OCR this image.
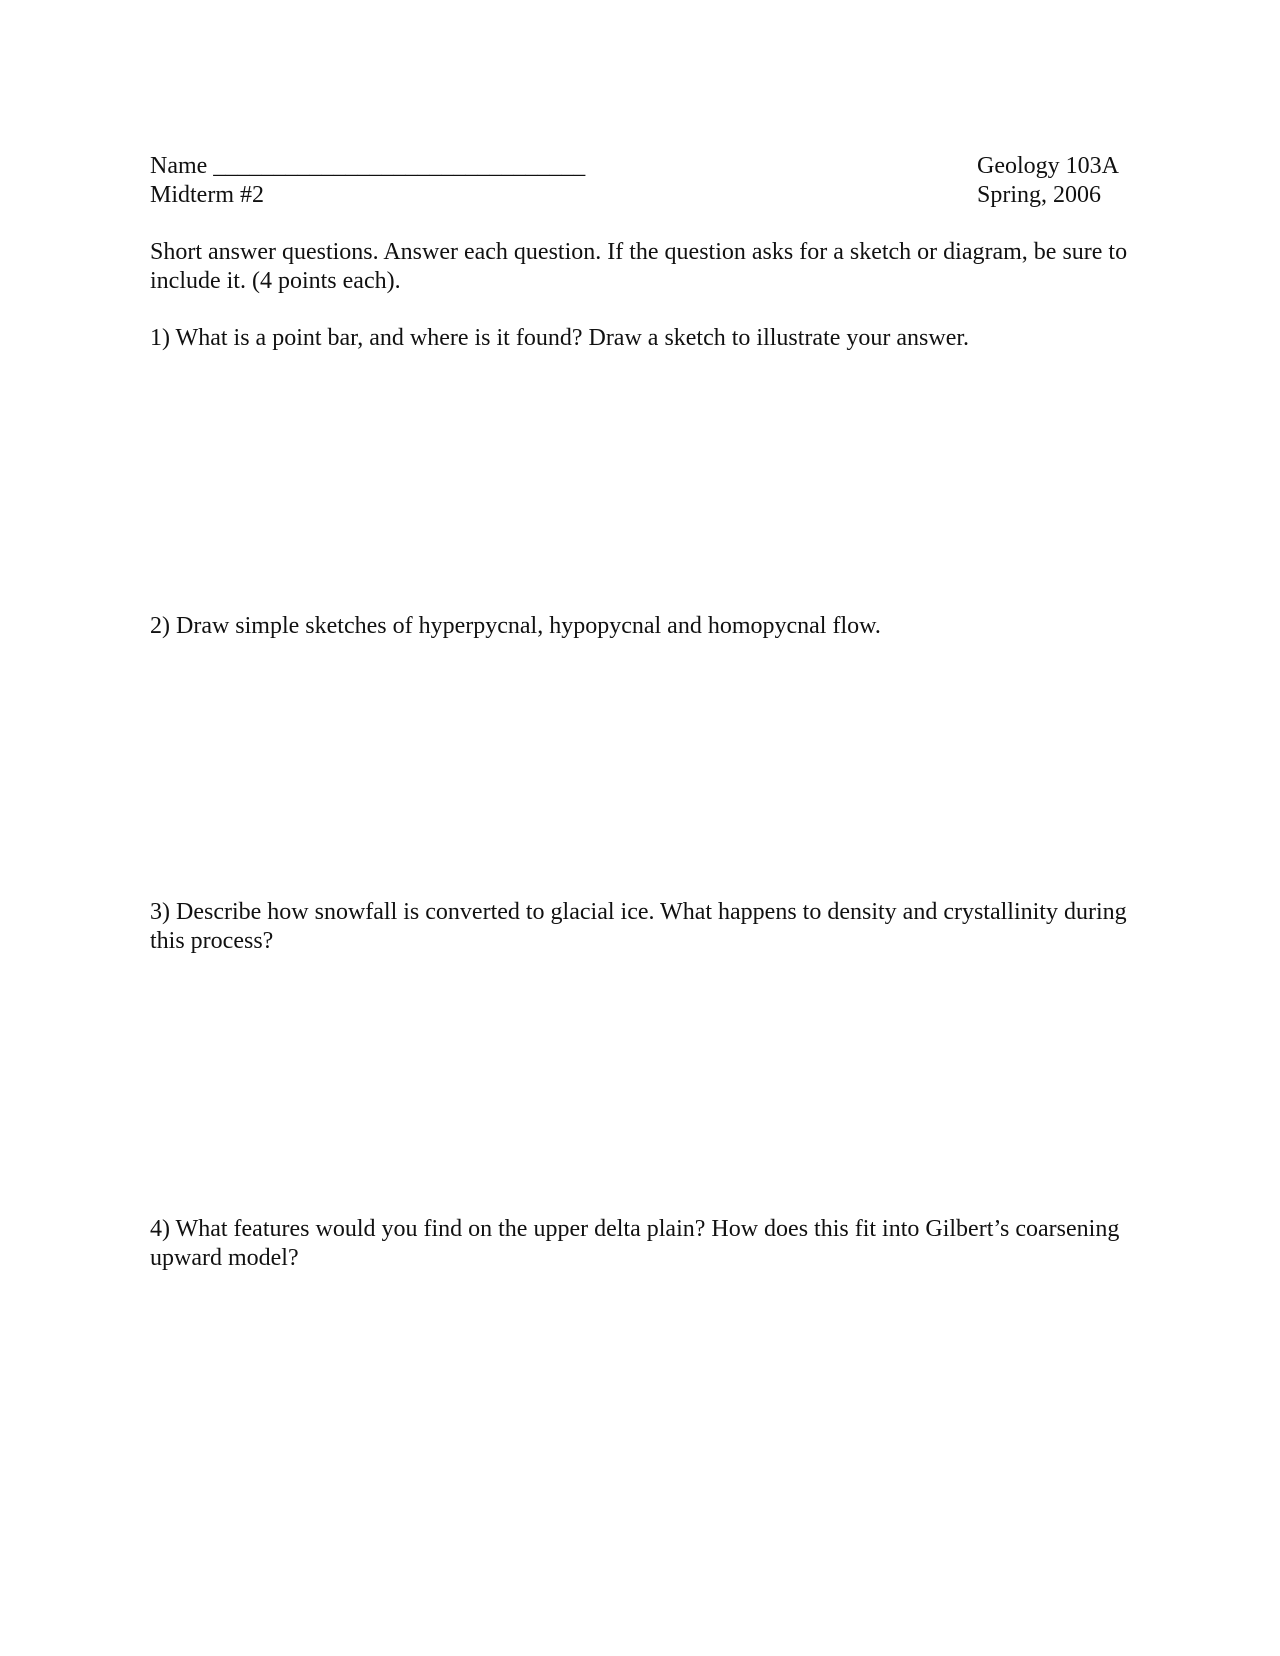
Name _______________________________
Midterm #2
Geology 103A
Spring, 2006
Short answer questions. Answer each question. If the question asks for a sketch or diagram, be sure to include it. (4 points each).
1) What is a point bar, and where is it found? Draw a sketch to illustrate your answer.
2) Draw simple sketches of hyperpycnal, hypopycnal and homopycnal flow.
3) Describe how snowfall is converted to glacial ice. What happens to density and crystallinity during this process?
4) What features would you find on the upper delta plain? How does this fit into Gilbert’s coarsening upward model?
